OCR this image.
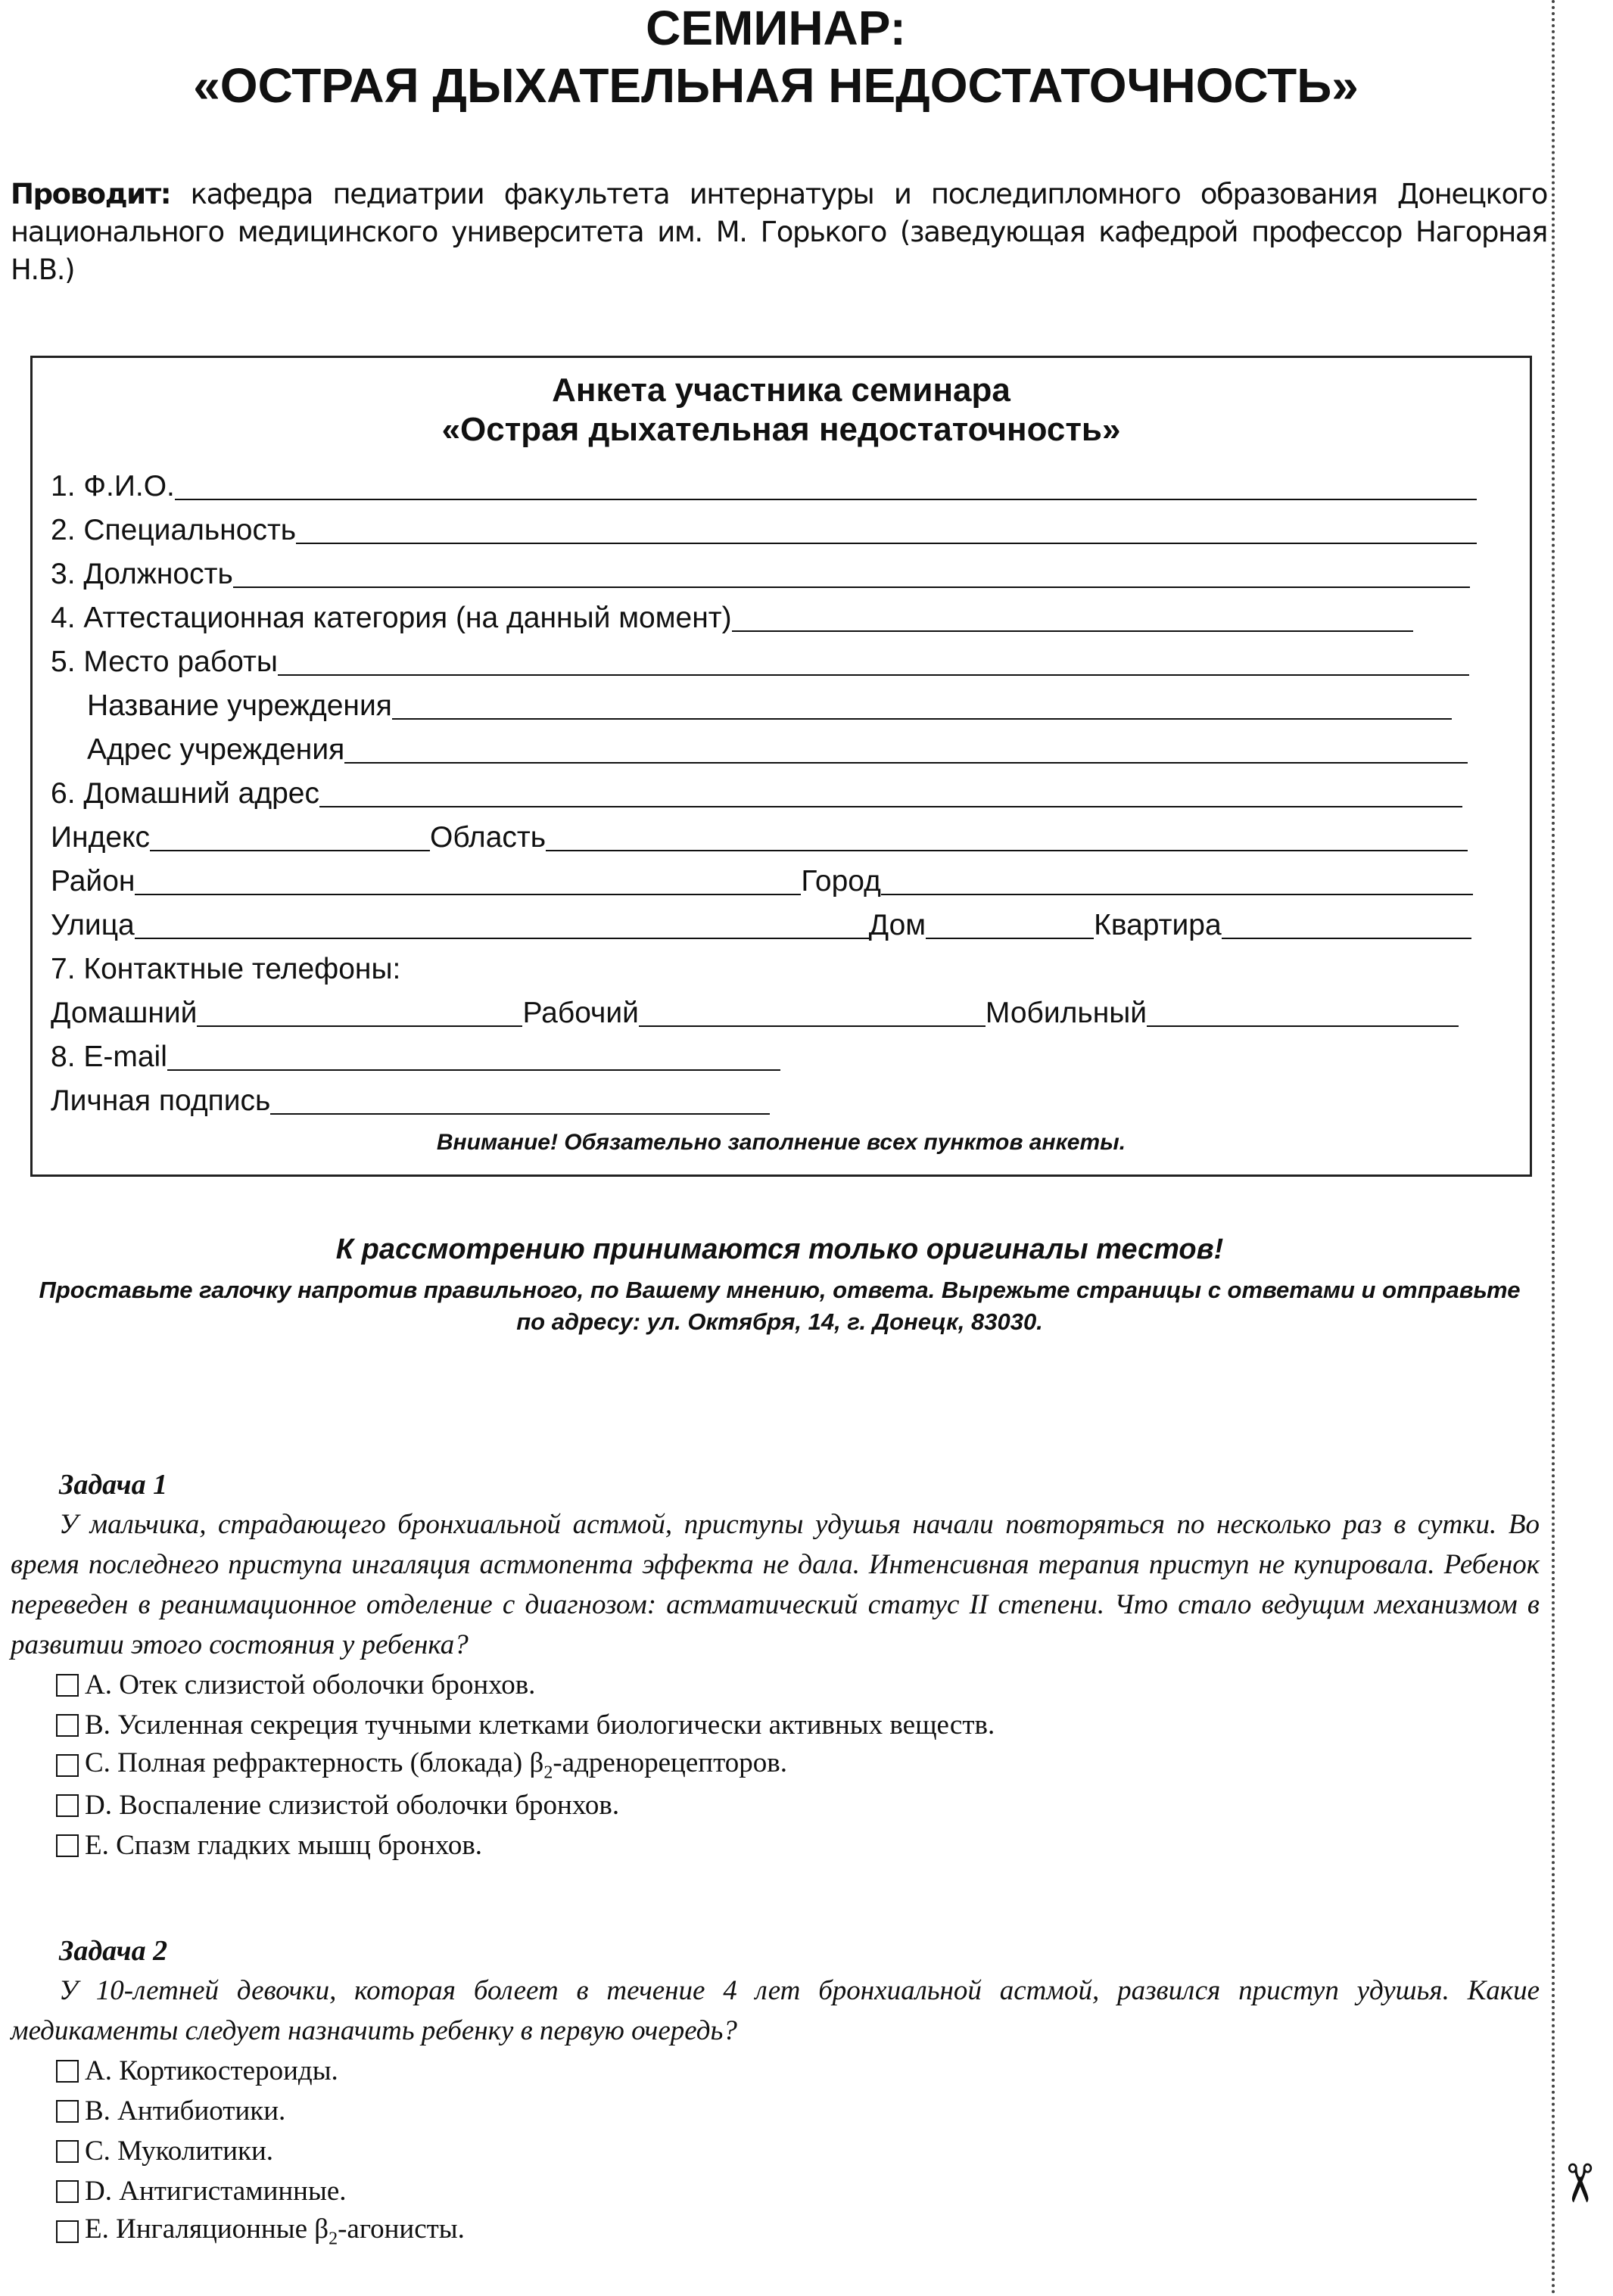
✂
СЕМИНАР:
«ОСТРАЯ ДЫХАТЕЛЬНАЯ НЕДОСТАТОЧНОСТЬ»
Проводит: кафедра педиатрии факультета интернатуры и последипломного образования Донецкого национального медицинского университета им. М. Горького (заведующая кафедрой профессор Нагорная Н.В.)
Анкета участника семинара
«Острая дыхательная недостаточность»
1. Ф.И.О.
2. Специальность
3. Должность
4. Аттестационная категория (на данный момент)
5. Место работы
Название учреждения
Адрес учреждения
6. Домашний адрес
Индекс	Область
Район	Город
Улица	Дом	Квартира
7. Контактные телефоны:
Домашний	Рабочий	Мобильный
8. E-mail
Личная подпись
Внимание! Обязательно заполнение всех пунктов анкеты.
К рассмотрению принимаются только оригиналы тестов!
Проставьте галочку напротив правильного, по Вашему мнению, ответа. Вырежьте страницы с ответами и отправьте
по адресу: ул. Октября, 14, г. Донецк, 83030.
Задача 1

У мальчика, страдающего бронхиальной астмой, приступы удушья начали повторяться по несколько раз в сутки. Во время последнего приступа ингаляция астмопента эффекта не дала. Интенсивная терапия приступ не купировала. Ребенок переведен в реанимационное отделение с диагнозом: астматический статус II степени. Что стало ведущим механизмом в развитии этого состояния у ребенка?

A. Отек слизистой оболочки бронхов.
B. Усиленная секреция тучными клетками биологически активных веществ.
C. Полная рефрактерность (блокада) $\beta_2$-адренорецепторов.
D. Воспаление слизистой оболочки бронхов.
E. Спазм гладких мышц бронхов.
Задача 2

У 10-летней девочки, которая болеет в течение 4 лет бронхиальной астмой, развился приступ удушья. Какие медикаменты следует назначить ребенку в первую очередь?

A. Кортикостероиды.
B. Антибиотики.
C. Муколитики.
D. Антигистаминные.
E. Ингаляционные $\beta_2$-агонисты.
